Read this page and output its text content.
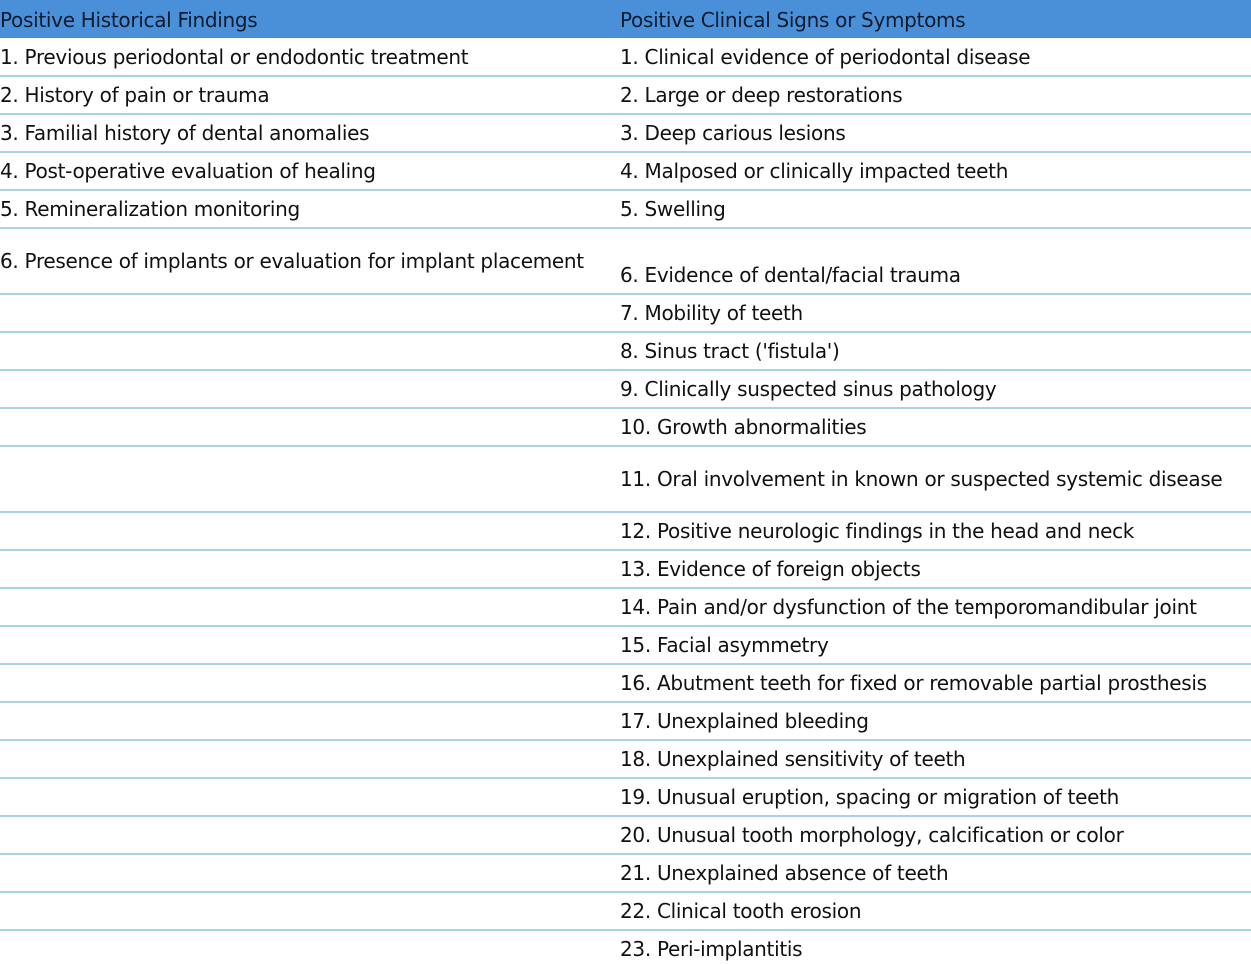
Positive Historical Findings	Positive Clinical Signs or Symptoms
1. Previous periodontal or endodontic treatment	1. Clinical evidence of periodontal disease
2. History of pain or trauma	2. Large or deep restorations
3. Familial history of dental anomalies	3. Deep carious lesions
4. Post-operative evaluation of healing	4. Malposed or clinically impacted teeth
5. Remineralization monitoring	5. Swelling
6. Presence of implants or evaluation for implant placement	6. Evidence of dental/facial trauma
	7. Mobility of teeth
	8. Sinus tract ('fistula')
	9. Clinically suspected sinus pathology
	10. Growth abnormalities
	11. Oral involvement in known or suspected systemic disease
	12. Positive neurologic findings in the head and neck
	13. Evidence of foreign objects
	14. Pain and/or dysfunction of the temporomandibular joint
	15. Facial asymmetry
	16. Abutment teeth for fixed or removable partial prosthesis
	17. Unexplained bleeding
	18. Unexplained sensitivity of teeth
	19. Unusual eruption, spacing or migration of teeth
	20. Unusual tooth morphology, calcification or color
	21. Unexplained absence of teeth
	22. Clinical tooth erosion
	23. Peri-implantitis
